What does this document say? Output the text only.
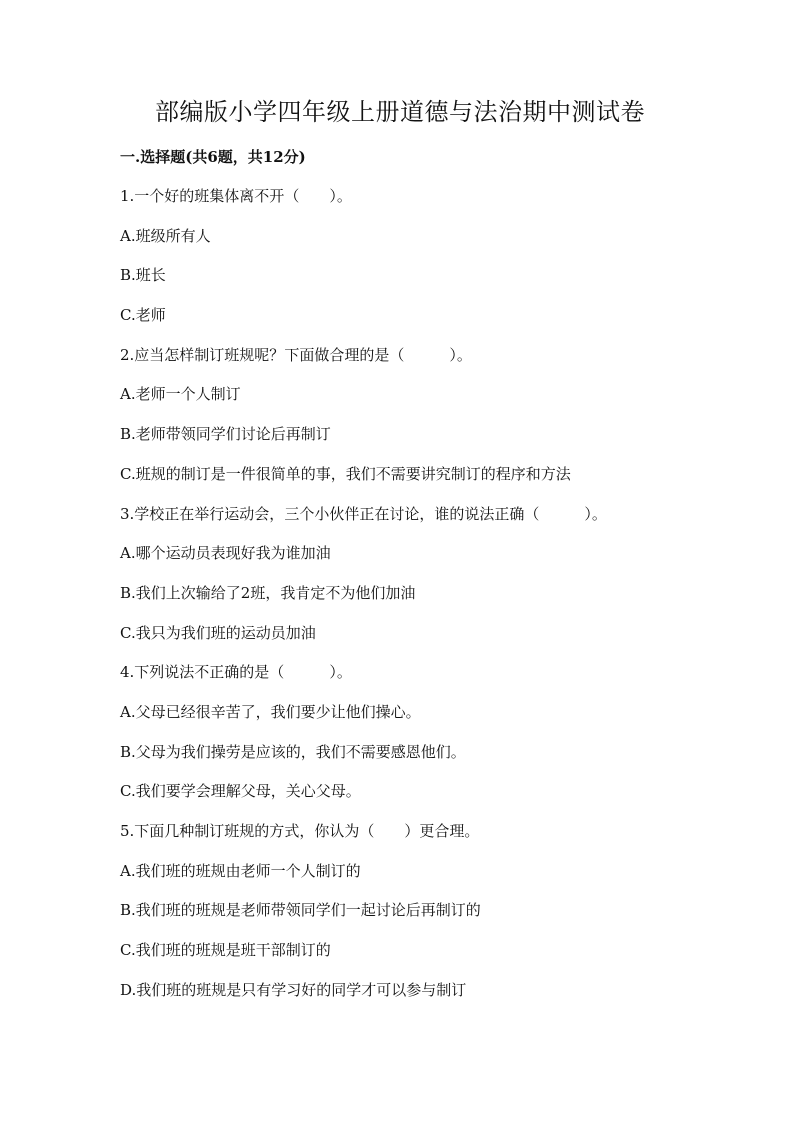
部编版小学四年级上册道德与法治期中测试卷
一.选择题(共6题，共12分)
1.一个好的班集体离不开（　　）。
A.班级所有人
B.班长
C.老师
2.应当怎样制订班规呢？下面做合理的是（　　　）。
A.老师一个人制订
B.老师带领同学们讨论后再制订
C.班规的制订是一件很简单的事，我们不需要讲究制订的程序和方法
3.学校正在举行运动会，三个小伙伴正在讨论，谁的说法正确（　　　）。
A.哪个运动员表现好我为谁加油
B.我们上次输给了2班，我肯定不为他们加油
C.我只为我们班的运动员加油
4.下列说法不正确的是（　　　）。
A.父母已经很辛苦了，我们要少让他们操心。
B.父母为我们操劳是应该的，我们不需要感恩他们。
C.我们要学会理解父母，关心父母。
5.下面几种制订班规的方式，你认为（　　）更合理。
A.我们班的班规由老师一个人制订的
B.我们班的班规是老师带领同学们一起讨论后再制订的
C.我们班的班规是班干部制订的
D.我们班的班规是只有学习好的同学才可以参与制订
